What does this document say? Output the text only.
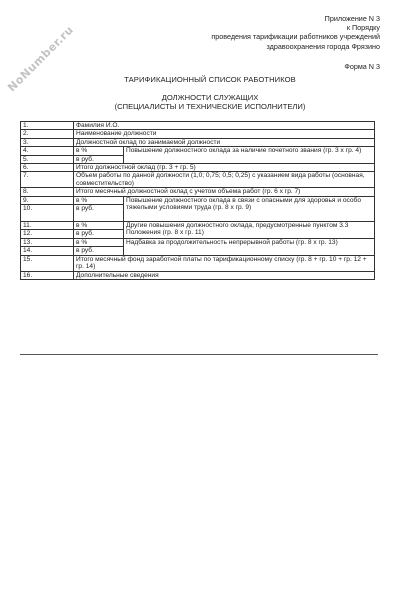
NoNumber.ru
Приложение N 3
к Порядку
проведения тарификации работников учреждений
здравоохранения города Фрязино
Форма N 3
ТАРИФИКАЦИОННЫЙ СПИСОК РАБОТНИКОВ
ДОЛЖНОСТИ СЛУЖАЩИХ
(СПЕЦИАЛИСТЫ И ТЕХНИЧЕСКИЕ ИСПОЛНИТЕЛИ)
1.	Фамилия И.О.	
2.	Наименование должности	
3.	Должностной оклад по занимаемой должности	
4.	в %	Повышение должностного оклада за наличие почетного звания (гр. 3 x гр. 4)
5.	в руб.	
6.	Итого должностной оклад (гр. 3 + гр. 5)	
7.	Объем работы по данной должности (1,0; 0,75; 0,5; 0,25) с указанием вида работы (основная, совместительство)	
8.	Итого месячный должностной оклад с учетом объема работ (гр. 6 x гр. 7)	
9.	в %	Повышение должностного оклада в связи с опасными для здоровья и особо тяжелыми условиями труда (гр. 8 x гр. 9)
10.	в руб.	
11.	в %	Другие повышения должностного оклада, предусмотренные пунктом 3.3 Положения (гр. 8 x гр. 11)
12.	в руб.	
13.	в %	Надбавка за продолжительность непрерывной работы (гр. 8 x гр. 13)
14.	в руб.	
15.	Итого месячный фонд заработной платы по тарификационному списку (гр. 8 + гр. 10 + гр. 12 + гр. 14)	
16.	Дополнительные сведения	
